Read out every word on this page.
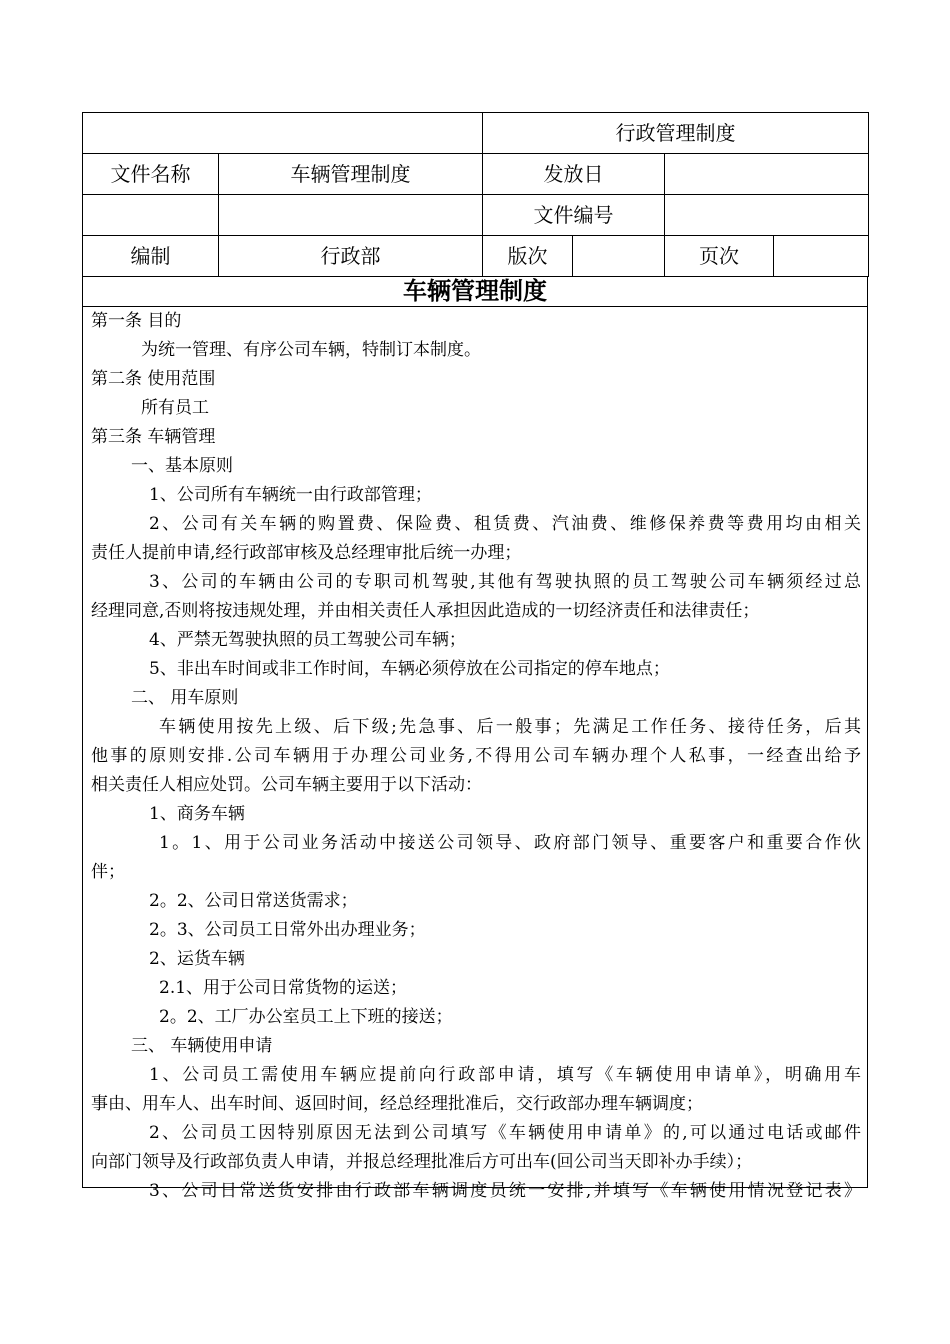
		行政管理制度			
文件名称	车辆管理制度	发放日			
		文件编号			
编制	行政部	版次		页次	
车辆管理制度
第一条 目的
为统一管理、有序公司车辆，特制订本制度。
第二条 使用范围
所有员工
第三条 车辆管理
一、基本原则
1、公司所有车辆统一由行政部管理；
2、公司有关车辆的购置费、保险费、租赁费、汽油费、维修保养费等费用均由相关
责任人提前申请,经行政部审核及总经理审批后统一办理；
3、公司的车辆由公司的专职司机驾驶,其他有驾驶执照的员工驾驶公司车辆须经过总
经理同意,否则将按违规处理，并由相关责任人承担因此造成的一切经济责任和法律责任；
4、严禁无驾驶执照的员工驾驶公司车辆；
5、非出车时间或非工作时间，车辆必须停放在公司指定的停车地点；
二、 用车原则
车辆使用按先上级、后下级;先急事、后一般事；先满足工作任务、接待任务，后其
他事的原则安排.公司车辆用于办理公司业务,不得用公司车辆办理个人私事，一经查出给予
相关责任人相应处罚。公司车辆主要用于以下活动：
1、商务车辆
1。1、用于公司业务活动中接送公司领导、政府部门领导、重要客户和重要合作伙
伴；
2。2、公司日常送货需求；
2。3、公司员工日常外出办理业务；
2、运货车辆
2.1、用于公司日常货物的运送；
2。2、工厂办公室员工上下班的接送；
三、 车辆使用申请
1、公司员工需使用车辆应提前向行政部申请，填写《车辆使用申请单》，明确用车
事由、用车人、出车时间、返回时间，经总经理批准后，交行政部办理车辆调度；
2、公司员工因特别原因无法到公司填写《车辆使用申请单》的,可以通过电话或邮件
向部门领导及行政部负责人申请，并报总经理批准后方可出车(回公司当天即补办手续）；
3、公司日常送货安排由行政部车辆调度员统一安排,并填写《车辆使用情况登记表》
